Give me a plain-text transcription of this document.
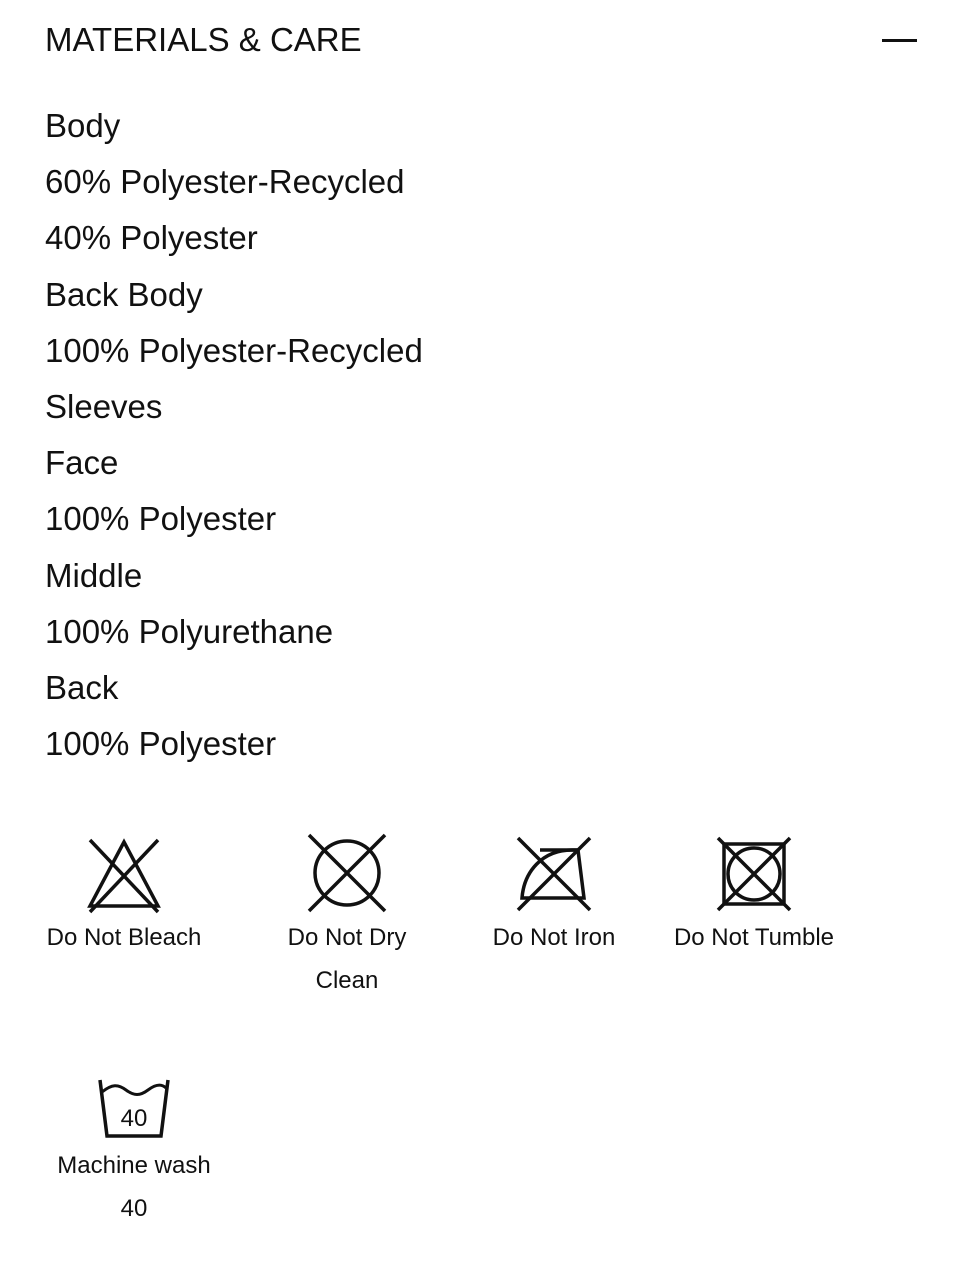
MATERIALS & CARE
Body
60% Polyester-Recycled
40% Polyester
Back Body
100% Polyester-Recycled
Sleeves
Face
100% Polyester
Middle
100% Polyurethane
Back
100% Polyester
Do Not Bleach	Do Not Dry
Clean
Do Not Iron	Do Not Tumble
40
Machine wash
40
